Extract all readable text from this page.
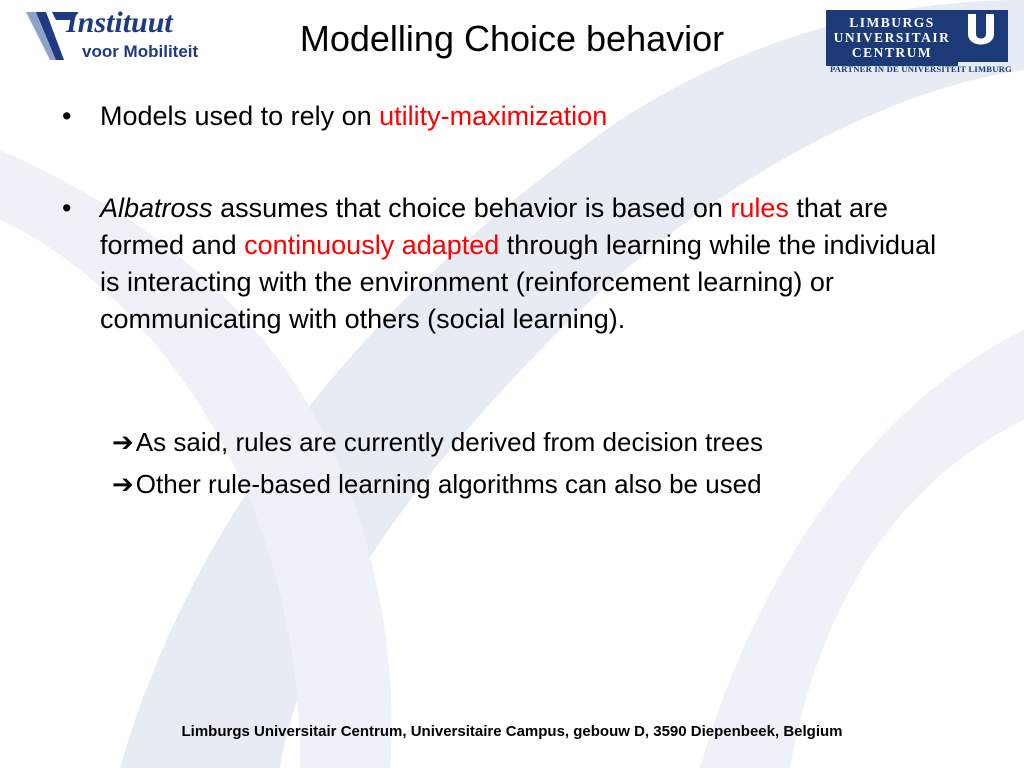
Instituut
voor Mobiliteit	Modelling Choice behavior	LIMBURGS
UNIVERSITAIR
CENTRUM
PARTNER IN DE UNIVERSITEIT LIMBURG
•	Models used to rely on utility-maximization
•	Albatross assumes that choice behavior is based on rules that are formed and continuously adapted through learning while the individual is interacting with the environment (reinforcement learning) or communicating with others (social learning).
➔As said, rules are currently derived from decision trees
➔Other rule-based learning algorithms can also be used
Limburgs Universitair Centrum, Universitaire Campus, gebouw D, 3590 Diepenbeek, Belgium
